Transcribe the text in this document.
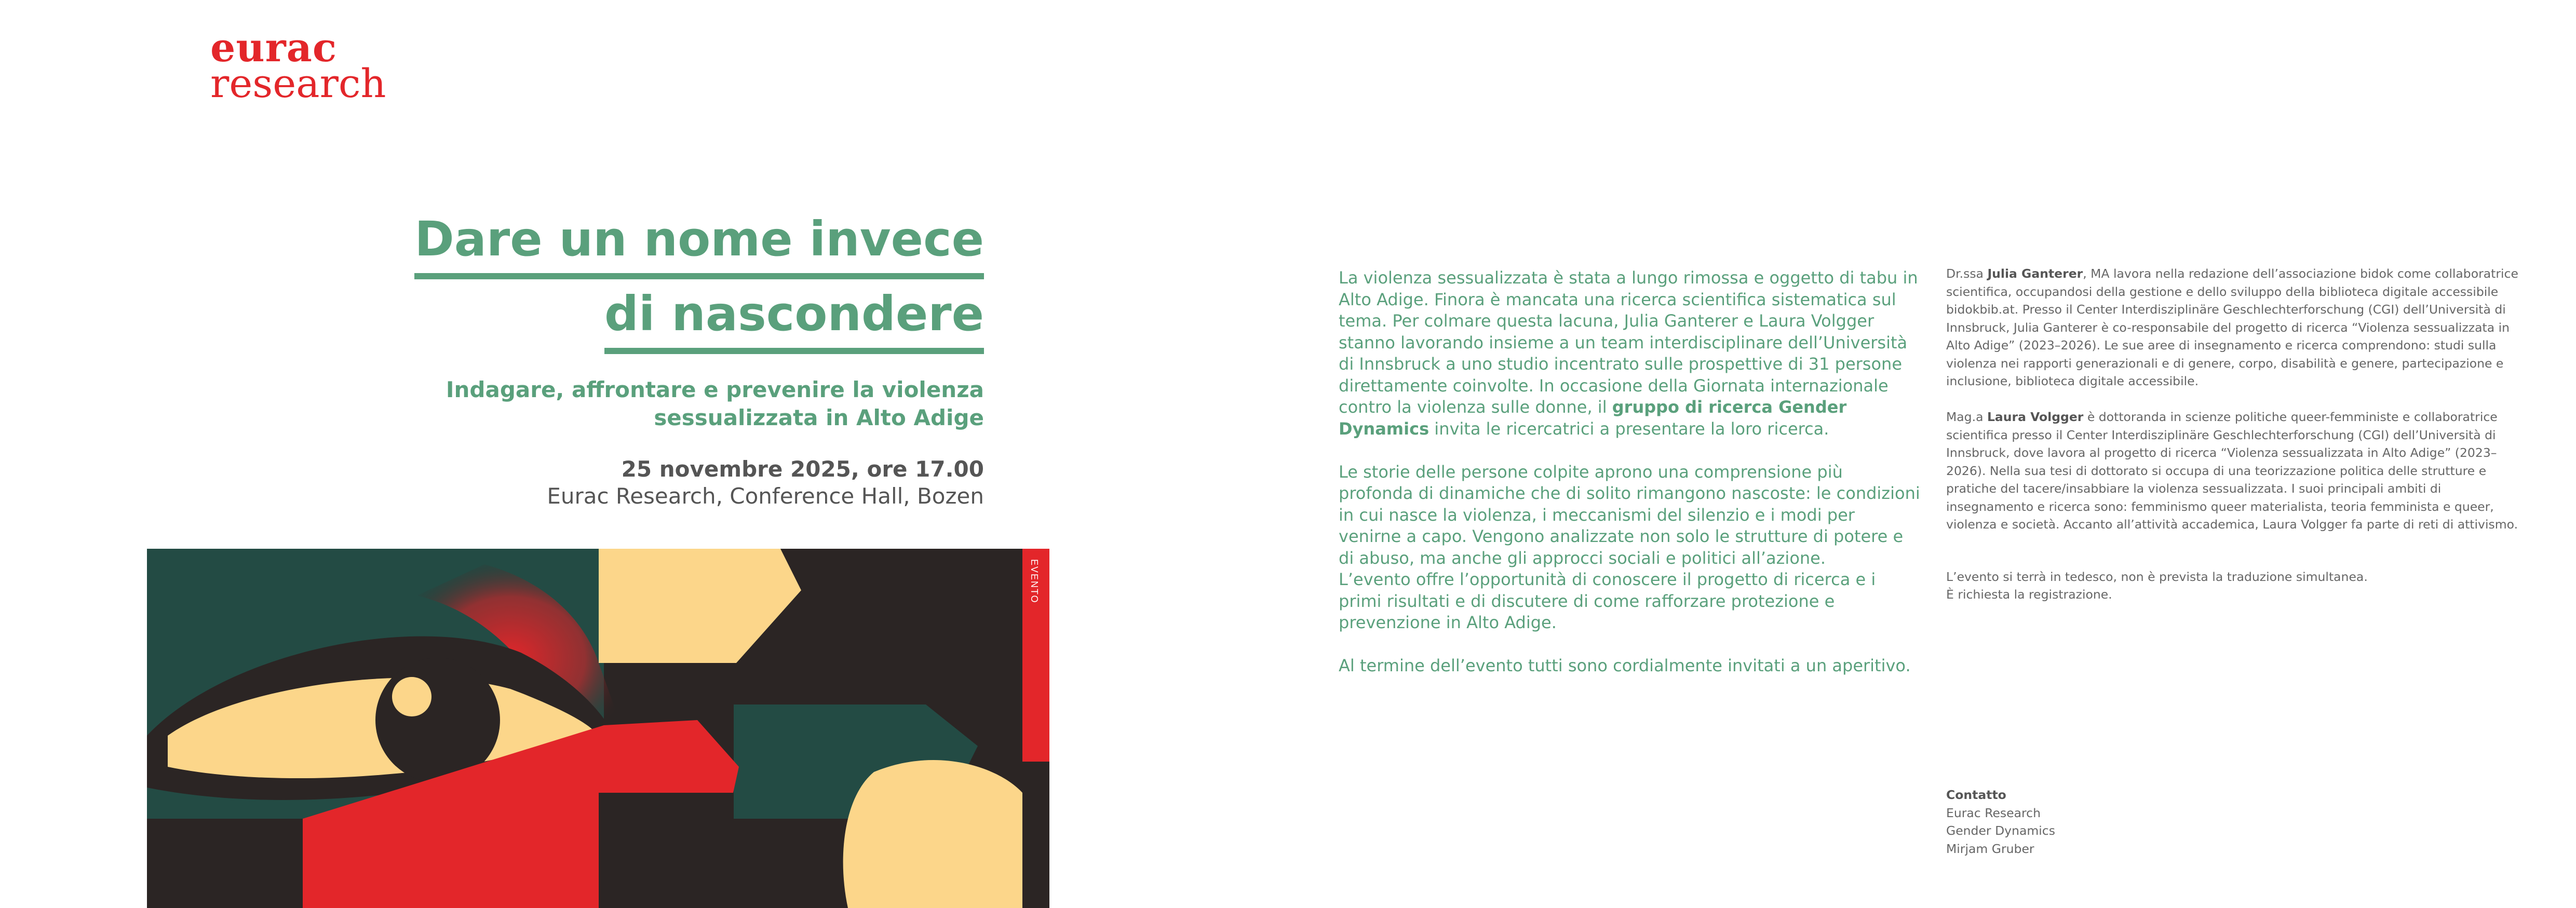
eurac
research
Dare un nome invece
di nascondere
Indagare, affrontare e prevenire la violenza
sessualizzata in Alto Adige
25 novembre 2025, ore 17.00
Eurac Research, Conference Hall, Bozen
EVENTO

La violenza sessualizzata è stata a lungo rimossa e oggetto di tabu in Alto Adige. Finora è mancata una ricerca scientifica sistematica sul tema. Per colmare questa lacuna, Julia Ganterer e Laura Volgger stanno lavorando insieme a un team interdisciplinare dell’Università di Innsbruck a uno studio incentrato sulle prospettive di 31 persone direttamente coinvolte. In occasione della Giornata internazionale contro la violenza sulle donne, il gruppo di ricerca Gender Dynamics invita le ricercatrici a presentare la loro ricerca.

Le storie delle persone colpite aprono una comprensione più profonda di dinamiche che di solito rimangono nascoste: le condizioni in cui nasce la violenza, i meccanismi del silenzio e i modi per venirne a capo. Vengono analizzate non solo le strutture di potere e di abuso, ma anche gli approcci sociali e politici all’azione.

L’evento offre l’opportunità di conoscere il progetto di ricerca e i primi risultati e di discutere di come rafforzare protezione e prevenzione in Alto Adige.

Al termine dell’evento tutti sono cordialmente invitati a un aperitivo.

Dr.ssa Julia Ganterer, MA lavora nella redazione dell’associazione bidok come collaboratrice scientifica, occupandosi della gestione e dello sviluppo della biblioteca digitale accessibile bidokbib.at. Presso il Center Interdisziplinäre Geschlechterforschung (CGI) dell’Università di Innsbruck, Julia Ganterer è co-responsabile del progetto di ricerca “Violenza sessualizzata in Alto Adige” (2023–2026). Le sue aree di insegnamento e ricerca comprendono: studi sulla violenza nei rapporti generazionali e di genere, corpo, disabilità e genere, partecipazione e inclusione, biblioteca digitale accessibile.

Mag.a Laura Volgger è dottoranda in scienze politiche queer-femministe e collaboratrice scientifica presso il Center Interdisziplinäre Geschlechterforschung (CGI) dell’Università di Innsbruck, dove lavora al progetto di ricerca “Violenza sessualizzata in Alto Adige” (2023–2026). Nella sua tesi di dottorato si occupa di una teorizzazione politica delle strutture e pratiche del tacere/insabbiare la violenza sessualizzata. I suoi principali ambiti di insegnamento e ricerca sono: femminismo queer materialista, teoria femminista e queer, violenza e società. Accanto all’attività accademica, Laura Volgger fa parte di reti di attivismo.

L’evento si terrà in tedesco, non è prevista la traduzione simultanea.
È richiesta la registrazione.
Contatto
Eurac Research
Gender Dynamics
Mirjam Gruber
